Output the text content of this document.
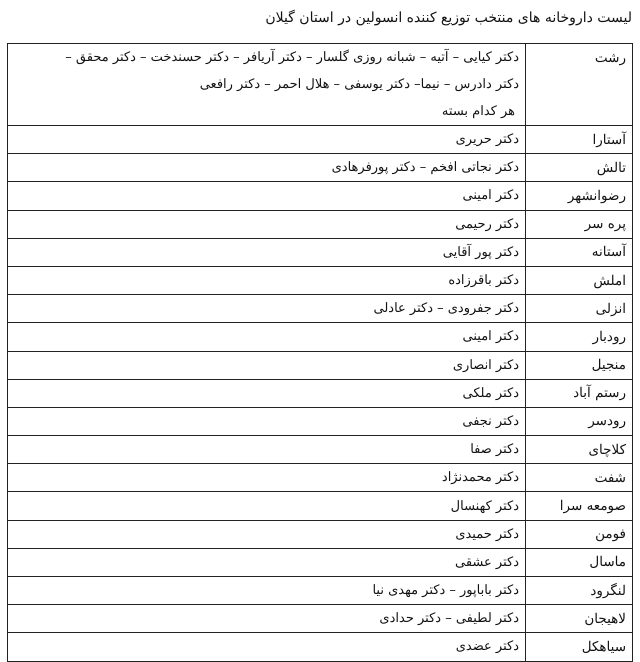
لیست داروخانه های منتخب توزیع کننده انسولین در استان گیلان
رشت	دکتر کیایی – آتیه – شبانه روزی گلسار – دکتر آریافر – دکتر حسندخت – دکتر محقق –
دکتر دادرس – نیما– دکتر یوسفی – هلال احمر – دکتر رافعی
هر کدام بسته

آستارا	دکتر حریری
تالش	دکتر نجاتی افخم – دکتر پورفرهادی
رضوانشهر	دکتر امینی
پره سر	دکتر رحیمی
آستانه	دکتر پور آقایی
املش	دکتر باقرزاده
انزلی	دکتر جفرودی – دکتر عادلی
رودبار	دکتر امینی
منجیل	دکتر انصاری
رستم آباد	دکتر ملکی
رودسر	دکتر نجفی
کلاچای	دکتر صفا
شفت	دکتر محمدنژاد
صومعه سرا	دکتر کهنسال
فومن	دکتر حمیدی
ماسال	دکتر عشقی
لنگرود	دکتر باباپور – دکتر مهدی نیا
لاهیجان	دکتر لطیفی – دکتر حدادی
سیاهکل	دکتر عضدی
